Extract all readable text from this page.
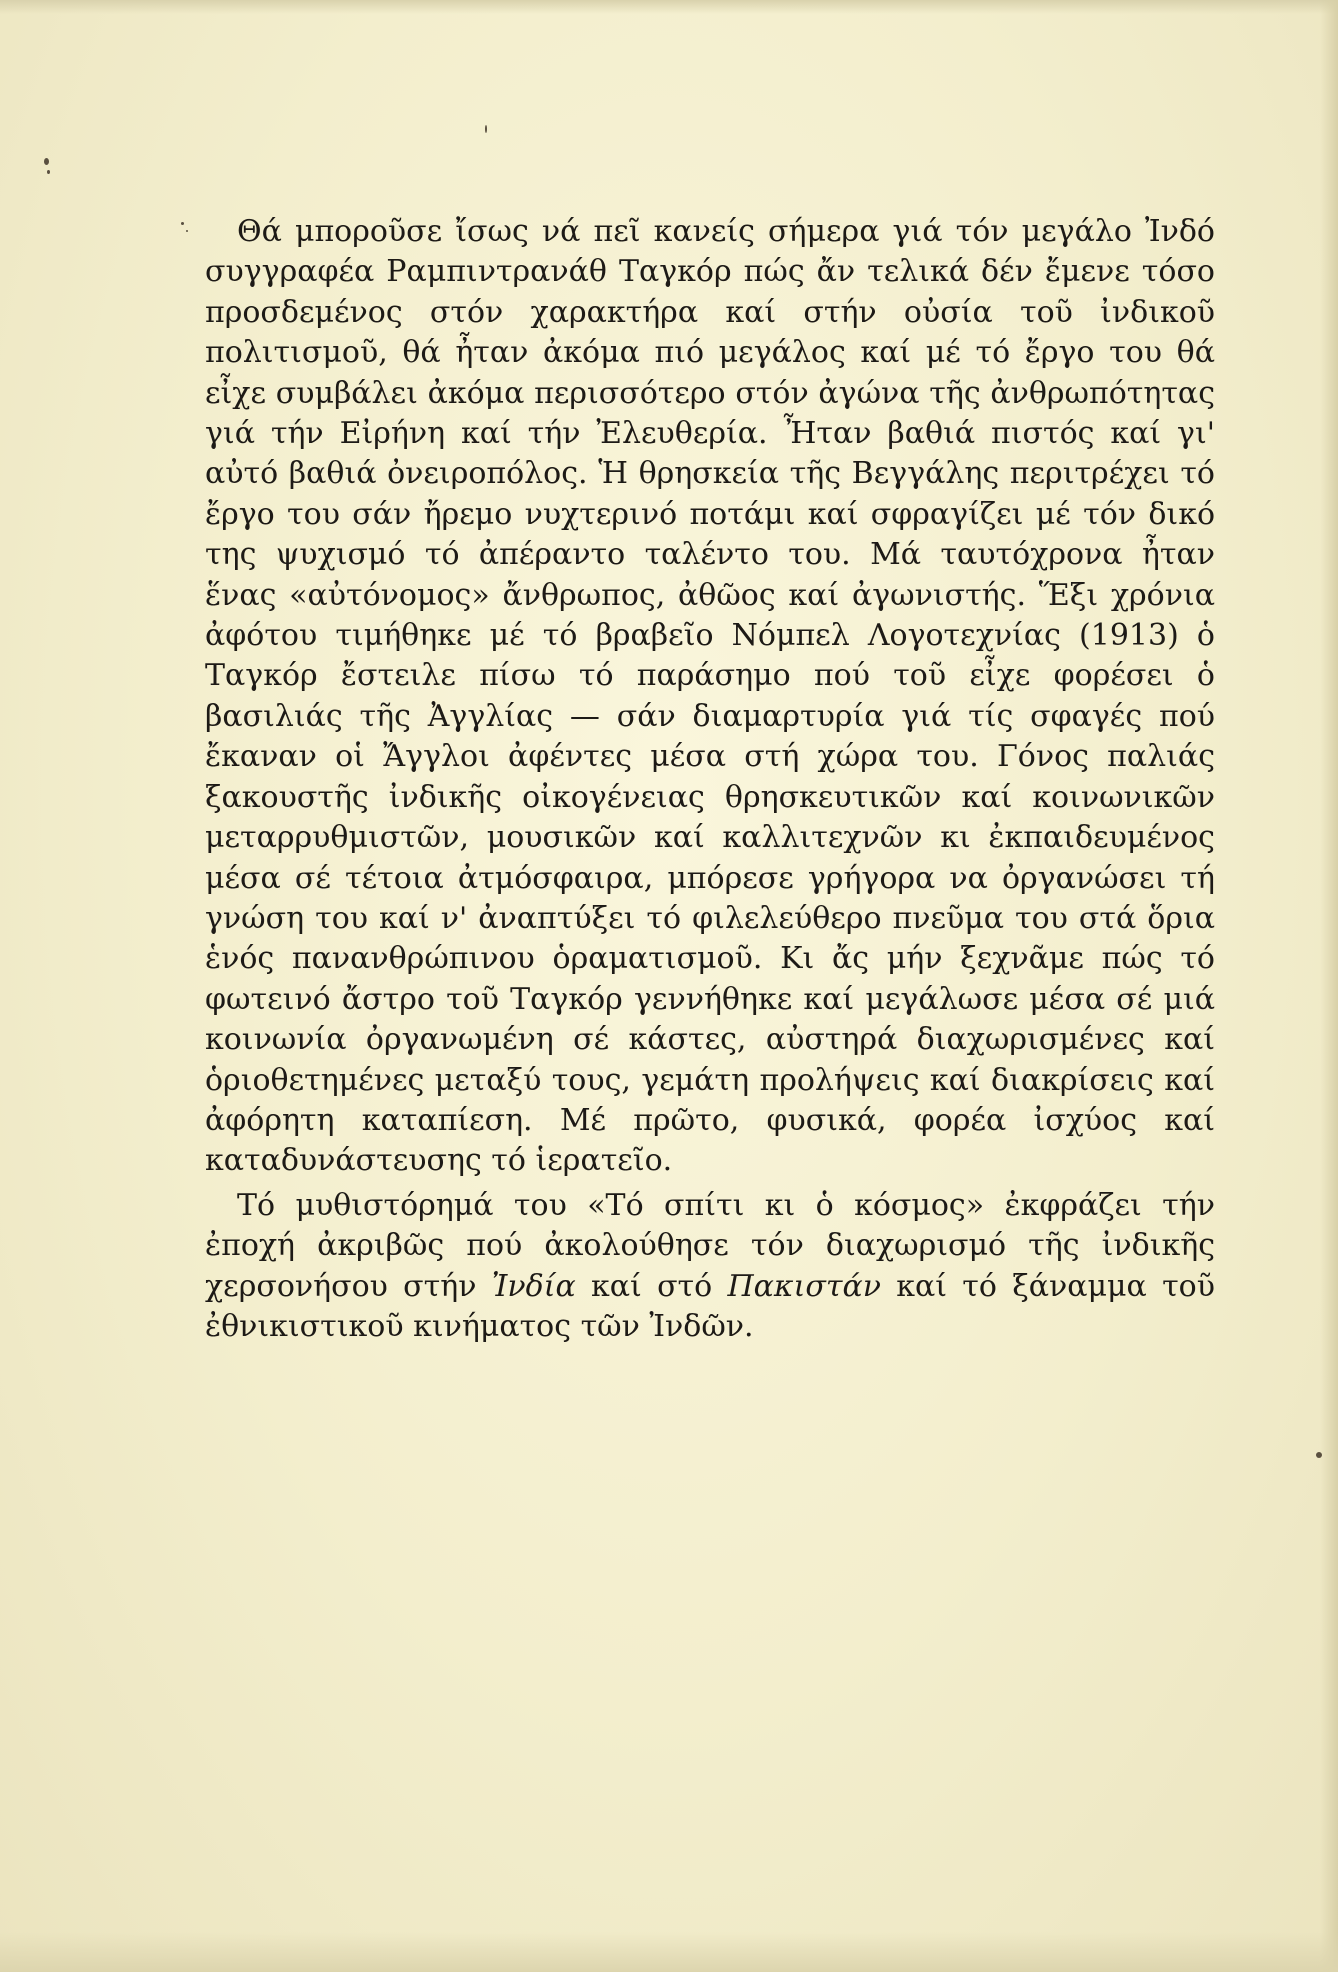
Θά μποροῦσε ἴσως νά πεῖ κανείς σήμερα γιά τόν μεγάλο Ἰνδό συγγραφέα Ραμπιντρανάθ Ταγκόρ πώς ἄν τελικά δέν ἔμενε τόσο προσδεμένος στόν χαρακτήρα καί στήν οὐσία τοῦ ἰνδικοῦ πολιτισμοῦ, θά ἦταν ἀκόμα πιό μεγάλος καί μέ τό ἔργο του θά εἶχε συμβάλει ἀκόμα περισσότερο στόν ἀγώνα τῆς ἀνθρωπότητας γιά τήν Εἰρήνη καί τήν Ἐλευθερία. Ἦταν βαθιά πιστός καί γι' αὐτό βαθιά ὀνειροπόλος. Ἡ θρησκεία τῆς Βεγγάλης περιτρέχει τό ἔργο του σάν ἤρεμο νυχτερινό ποτάμι καί σφραγίζει μέ τόν δικό της ψυχισμό τό ἀπέραντο ταλέντο του. Μά ταυτόχρονα ἦταν ἕνας «αὐτόνομος» ἄνθρωπος, ἀθῶος καί ἀγωνιστής. Ἕξι χρόνια ἀφότου τιμήθηκε μέ τό βραβεῖο Νόμπελ Λογοτεχνίας (1913) ὁ Ταγκόρ ἔστειλε πίσω τό παράσημο πού τοῦ εἶχε φορέσει ὁ βασιλιάς τῆς Ἀγγλίας — σάν διαμαρτυρία γιά τίς σφαγές πού ἔκαναν οἱ Ἄγγλοι ἀφέντες μέσα στή χώρα του. Γόνος παλιάς ξακουστῆς ἰνδικῆς οἰκογένειας θρησκευτικῶν καί κοινωνικῶν μεταρρυθμιστῶν, μουσικῶν καί καλλιτεχνῶν κι ἐκπαιδευμένος μέσα σέ τέτοια ἀτμόσφαιρα, μπόρεσε γρήγορα να ὀργανώσει τή γνώση του καί ν' ἀναπτύξει τό φιλελεύθερο πνεῦμα του στά ὅρια ἑνός πανανθρώπινου ὁραματισμοῦ. Κι ἄς μήν ξεχνᾶμε πώς τό φωτεινό ἄστρο τοῦ Ταγκόρ γεννήθηκε καί μεγάλωσε μέσα σέ μιά κοινωνία ὀργανωμένη σέ κάστες, αὐστηρά διαχωρισμένες καί ὁριοθετημένες μεταξύ τους, γεμάτη προλήψεις καί διακρίσεις καί ἀφόρητη καταπίεση. Μέ πρῶτο, φυσικά, φορέα ἰσχύος καί καταδυνάστευσης τό ἱερατεῖο.

Τό μυθιστόρημά του «Τό σπίτι κι ὁ κόσμος» ἐκφράζει τήν ἐποχή ἀκριβῶς πού ἀκολούθησε τόν διαχωρισμό τῆς ἰνδικῆς χερσονήσου στήν Ἰνδία καί στό Πακιστάν καί τό ξάναμμα τοῦ ἐθνικιστικοῦ κινήματος τῶν Ἰνδῶν.
